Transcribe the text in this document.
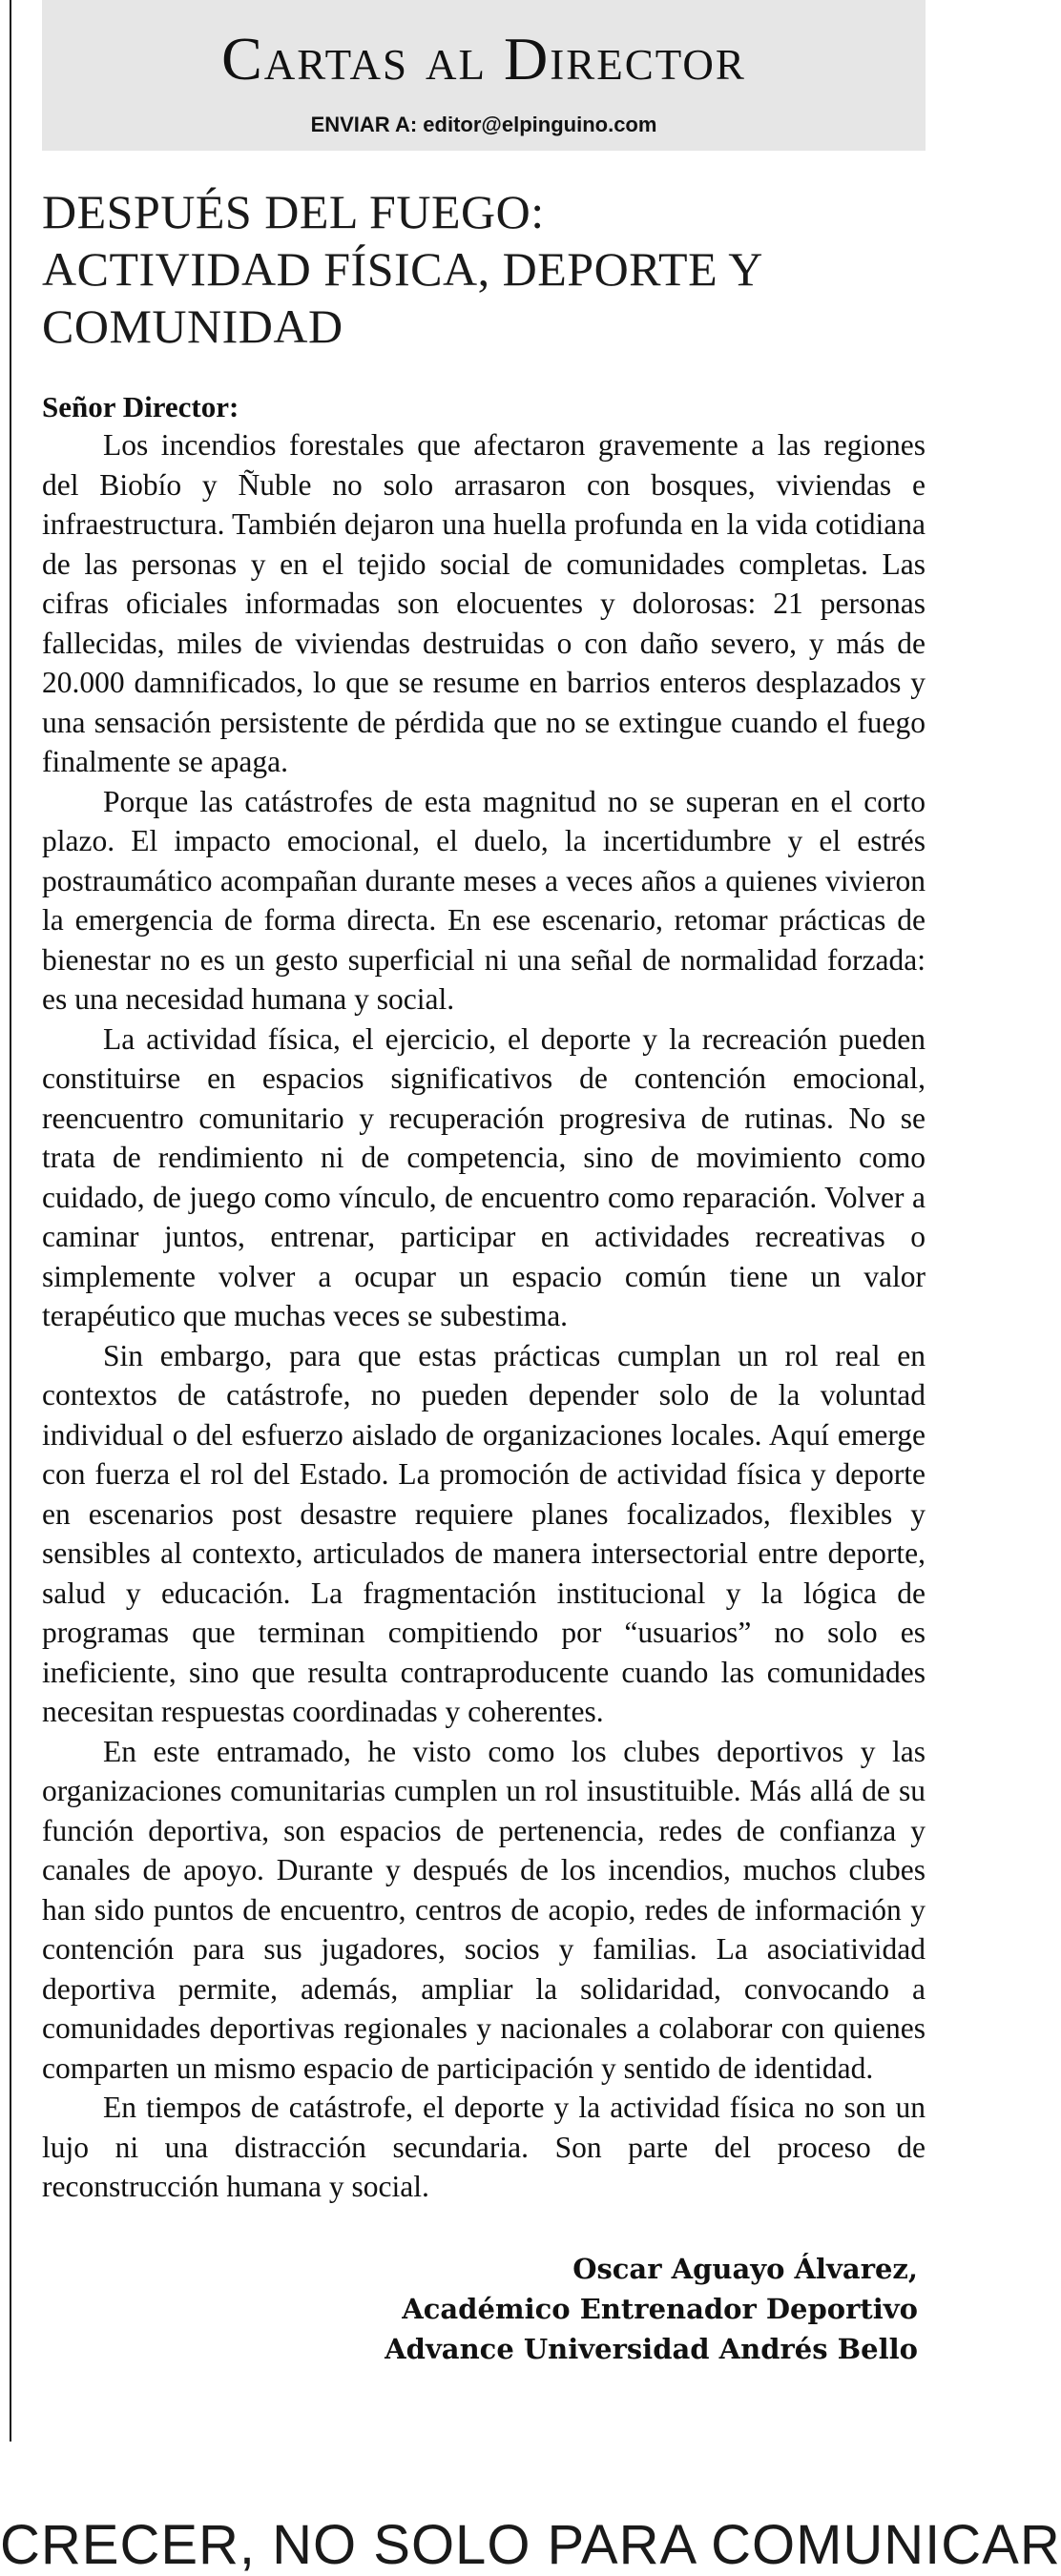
Cartas al Director
ENVIAR A: editor@elpinguino.com
DESPUÉS DEL FUEGO:
ACTIVIDAD FÍSICA, DEPORTE Y
COMUNIDAD
Señor Director:

Los incendios forestales que afectaron gravemente a las regiones del Biobío y Ñuble no solo arrasaron con bosques, viviendas e infraestructura. También dejaron una huella profunda en la vida cotidiana de las personas y en el tejido social de comunidades completas. Las cifras oficiales informadas son elocuentes y dolorosas: 21 personas fallecidas, miles de viviendas destruidas o con daño severo, y más de 20.000 damnificados, lo que se resume en barrios enteros desplazados y una sensación persistente de pérdida que no se extingue cuando el fuego finalmente se apaga.

Porque las catástrofes de esta magnitud no se superan en el corto plazo. El impacto emocional, el duelo, la incertidumbre y el estrés postraumático acompañan durante meses a veces años a quienes vivieron la emergencia de forma directa. En ese escenario, retomar prácticas de bienestar no es un gesto superficial ni una señal de normalidad forzada: es una necesidad humana y social.

La actividad física, el ejercicio, el deporte y la recreación pueden constituirse en espacios significativos de contención emocional, reencuentro comunitario y recuperación progresiva de rutinas. No se trata de rendimiento ni de competencia, sino de movimiento como cuidado, de juego como vínculo, de encuentro como reparación. Volver a caminar juntos, entrenar, participar en actividades recreativas o simplemente volver a ocupar un espacio común tiene un valor terapéutico que muchas veces se subestima.

Sin embargo, para que estas prácticas cumplan un rol real en contextos de catástrofe, no pueden depender solo de la voluntad individual o del esfuerzo aislado de organizaciones locales. Aquí emerge con fuerza el rol del Estado. La promoción de actividad física y deporte en escenarios post desastre requiere planes focalizados, flexibles y sensibles al contexto, articulados de manera intersectorial entre deporte, salud y educación. La fragmentación institucional y la lógica de programas que terminan compitiendo por “usuarios” no solo es ineficiente, sino que resulta contraproducente cuando las comunidades necesitan respuestas coordinadas y coherentes.

En este entramado, he visto como los clubes deportivos y las organizaciones comunitarias cumplen un rol insustituible. Más allá de su función deportiva, son espacios de pertenencia, redes de confianza y canales de apoyo. Durante y después de los incendios, muchos clubes han sido puntos de encuentro, centros de acopio, redes de información y contención para sus jugadores, socios y familias. La asociatividad deportiva permite, además, ampliar la solidaridad, convocando a comunidades deportivas regionales y nacionales a colaborar con quienes comparten un mismo espacio de participación y sentido de identidad.

En tiempos de catástrofe, el deporte y la actividad física no son un lujo ni una distracción secundaria. Son parte del proceso de reconstrucción humana y social.

Oscar Aguayo Álvarez,
Académico Entrenador Deportivo
Advance Universidad Andrés Bello
CRECER, NO SOLO PARA COMUNICAR
